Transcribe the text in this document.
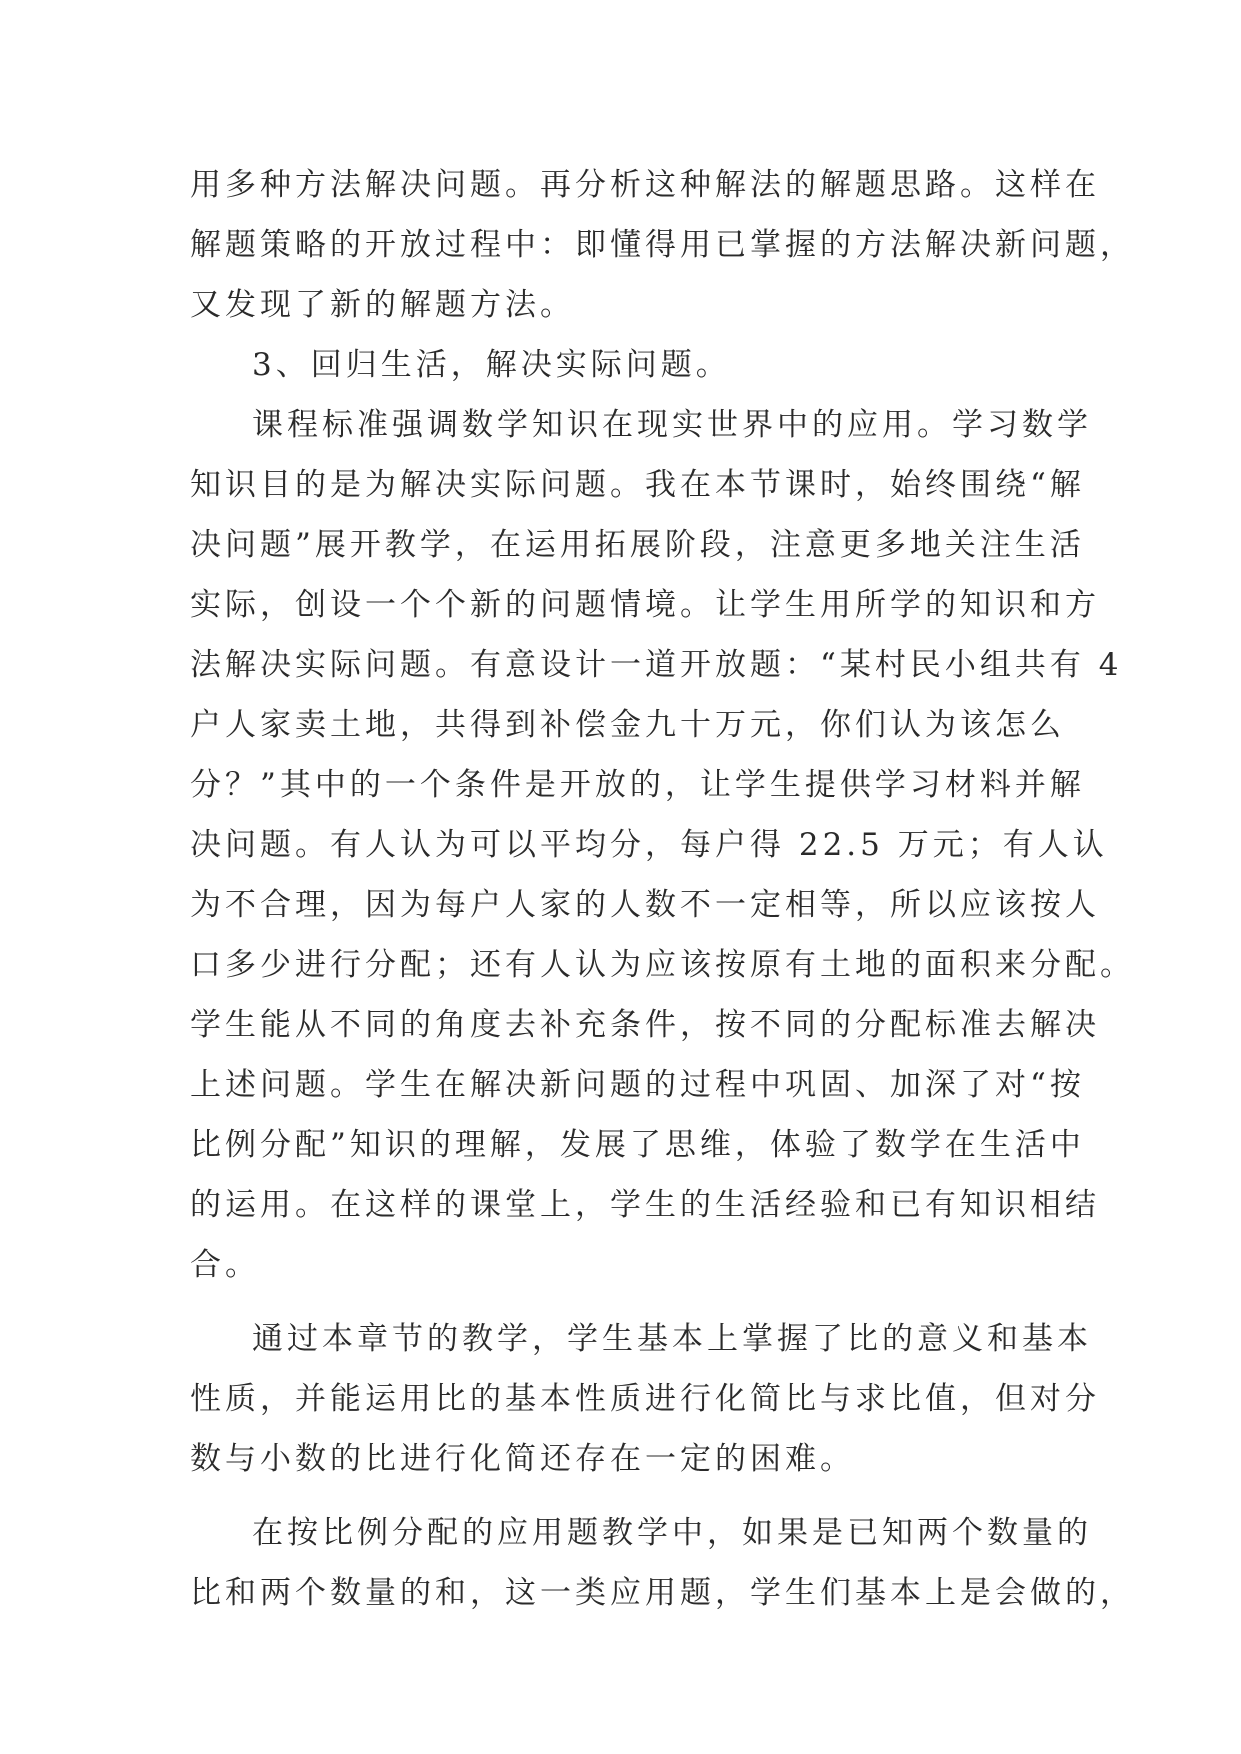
用多种方法解决问题。再分析这种解法的解题思路。这样在
解题策略的开放过程中：即懂得用已掌握的方法解决新问题，
又发现了新的解题方法。
3、回归生活，解决实际问题。
课程标准强调数学知识在现实世界中的应用。学习数学
知识目的是为解决实际问题。我在本节课时，始终围绕“解
决问题”展开教学，在运用拓展阶段，注意更多地关注生活
实际，创设一个个新的问题情境。让学生用所学的知识和方
法解决实际问题。有意设计一道开放题：“某村民小组共有 4
户人家卖土地，共得到补偿金九十万元，你们认为该怎么
分？”其中的一个条件是开放的，让学生提供学习材料并解
决问题。有人认为可以平均分，每户得 22.5 万元；有人认
为不合理，因为每户人家的人数不一定相等，所以应该按人
口多少进行分配；还有人认为应该按原有土地的面积来分配。
学生能从不同的角度去补充条件，按不同的分配标准去解决
上述问题。学生在解决新问题的过程中巩固、加深了对“按
比例分配”知识的理解，发展了思维，体验了数学在生活中
的运用。在这样的课堂上，学生的生活经验和已有知识相结
合。
通过本章节的教学，学生基本上掌握了比的意义和基本
性质，并能运用比的基本性质进行化简比与求比值，但对分
数与小数的比进行化简还存在一定的困难。
在按比例分配的应用题教学中，如果是已知两个数量的
比和两个数量的和，这一类应用题，学生们基本上是会做的，
